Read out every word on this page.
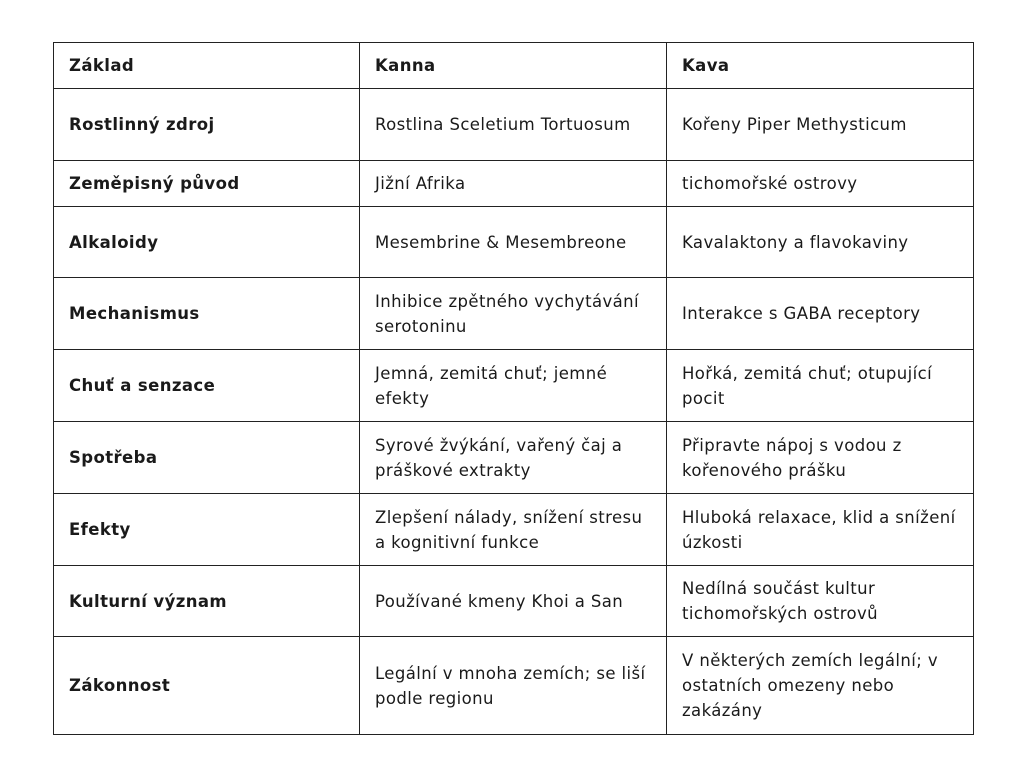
Základ	Kanna	Kava
Rostlinný zdroj	Rostlina Sceletium Tortuosum	Kořeny Piper Methysticum
Zeměpisný původ	Jižní Afrika	tichomořské ostrovy
Alkaloidy	Mesembrine & Mesembreone	Kavalaktony a flavokaviny
Mechanismus	Inhibice zpětného vychytávání serotoninu	Interakce s GABA receptory
Chuť a senzace	Jemná, zemitá chuť; jemné efekty	Hořká, zemitá chuť; otupující pocit
Spotřeba	Syrové žvýkání, vařený čaj a práškové extrakty	Připravte nápoj s vodou z kořenového prášku
Efekty	Zlepšení nálady, snížení stresu a kognitivní funkce	Hluboká relaxace, klid a snížení úzkosti
Kulturní význam	Používané kmeny Khoi a San	Nedílná součást kultur tichomořských ostrovů
Zákonnost	Legální v mnoha zemích; se liší podle regionu	V některých zemích legální; v ostatních omezeny nebo zakázány
